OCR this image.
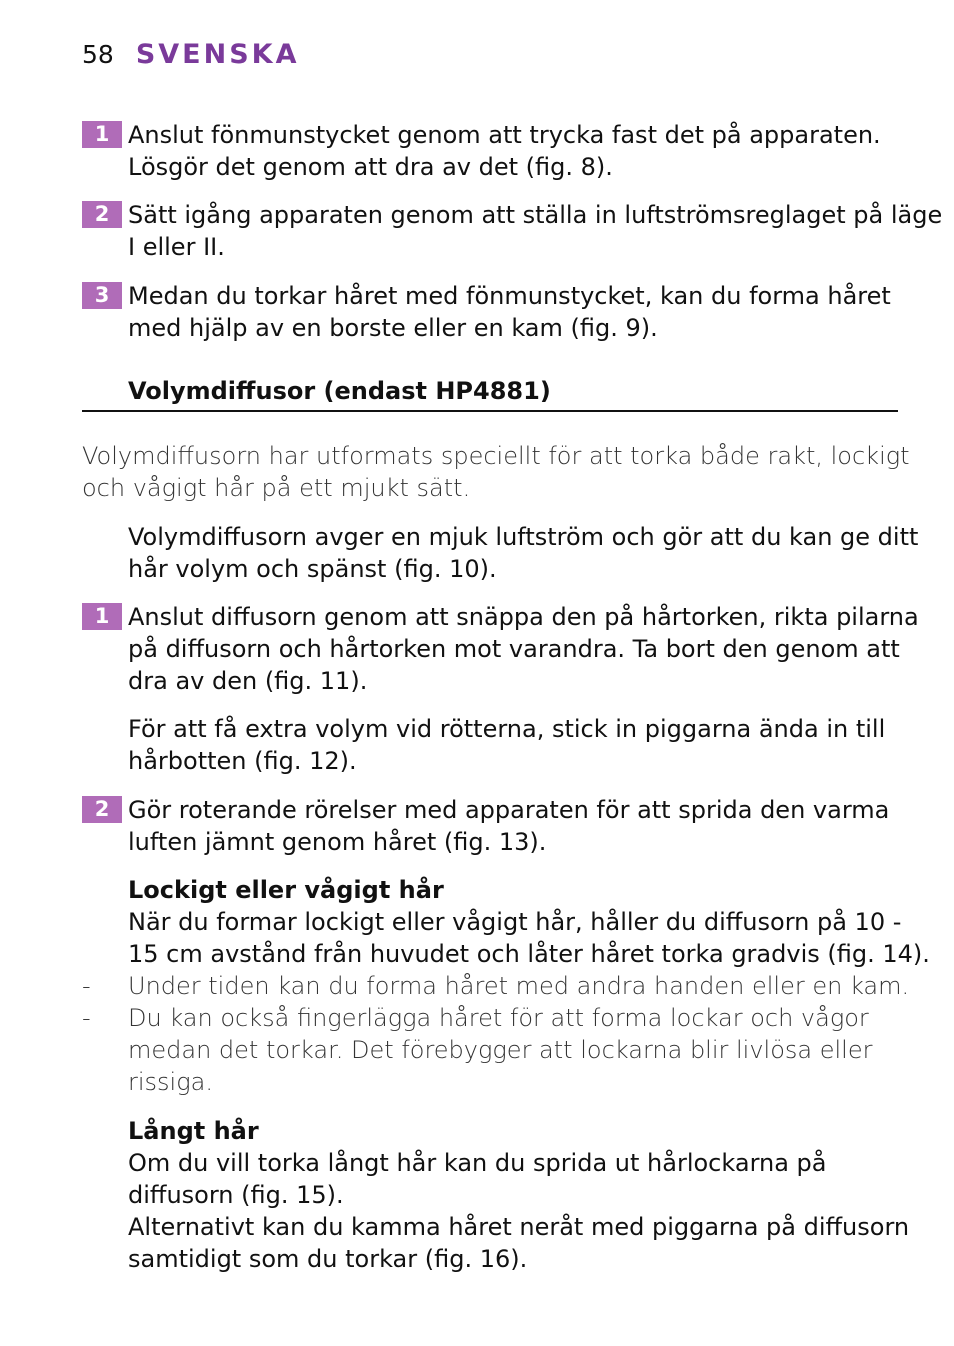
58 SVENSKA
1 Anslut fönmunstycket genom att trycka fast det på apparaten.
Lösgör det genom att dra av det (fig. 8).
2 Sätt igång apparaten genom att ställa in luftströmsreglaget på läge
I eller II.
3 Medan du torkar håret med fönmunstycket, kan du forma håret
med hjälp av en borste eller en kam (fig. 9).
Volymdiffusor (endast HP4881)
Volymdiffusorn har utformats speciellt för att torka både rakt, lockigt
och vågigt hår på ett mjukt sätt.
Volymdiffusorn avger en mjuk luftström och gör att du kan ge ditt
hår volym och spänst (fig. 10).
1 Anslut diffusorn genom att snäppa den på hårtorken, rikta pilarna
på diffusorn och hårtorken mot varandra. Ta bort den genom att
dra av den (fig. 11).
För att få extra volym vid rötterna, stick in piggarna ända in till
hårbotten (fig. 12).
2 Gör roterande rörelser med apparaten för att sprida den varma
luften jämnt genom håret (fig. 13).
Lockigt eller vågigt hår
När du formar lockigt eller vågigt hår, håller du diffusorn på 10 -
15 cm avstånd från huvudet och låter håret torka gradvis (fig. 14).
-	Under tiden kan du forma håret med andra handen eller en kam.
-	Du kan också fingerlägga håret för att forma lockar och vågor
medan det torkar. Det förebygger att lockarna blir livlösa eller
rissiga.
Långt hår
Om du vill torka långt hår kan du sprida ut hårlockarna på
diffusorn (fig. 15).
Alternativt kan du kamma håret neråt med piggarna på diffusorn
samtidigt som du torkar (fig. 16).
